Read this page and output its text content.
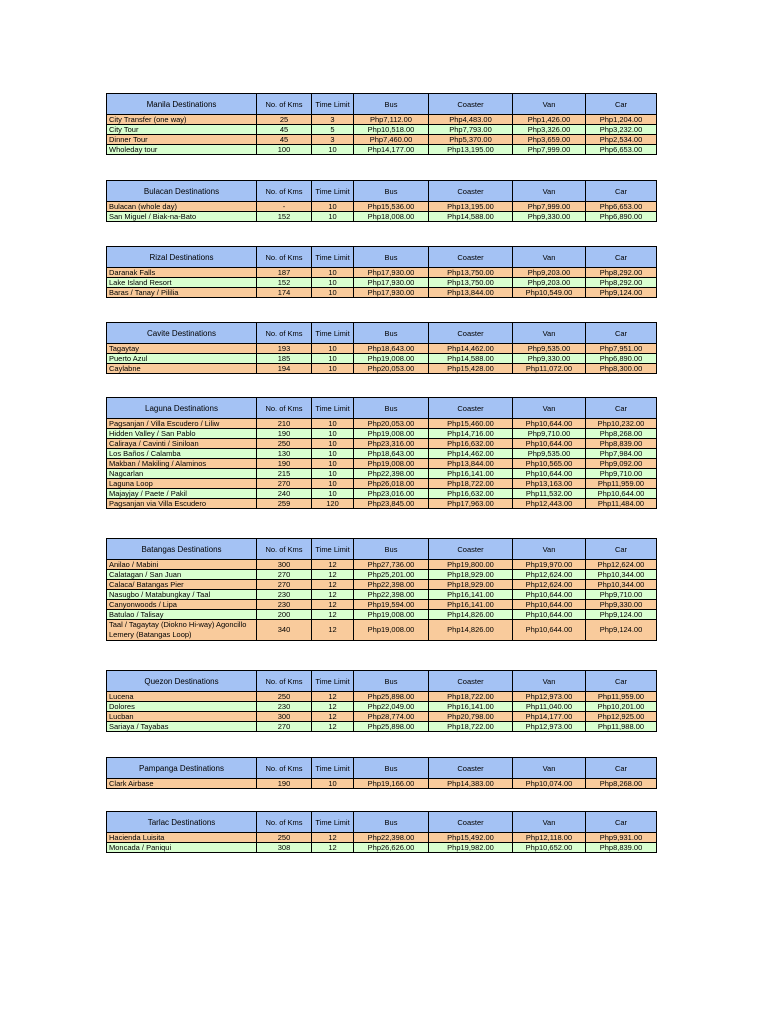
Manila Destinations	No. of Kms	Time Limit	Bus	Coaster	Van	Car
City Transfer (one way)	25	3	Php7,112.00	Php4,483.00	Php1,426.00	Php1,204.00
City Tour	45	5	Php10,518.00	Php7,793.00	Php3,326.00	Php3,232.00
Dinner Tour	45	3	Php7,460.00	Php5,370.00	Php3,659.00	Php2,534.00
Wholeday tour	100	10	Php14,177.00	Php13,195.00	Php7,999.00	Php6,653.00
Bulacan Destinations	No. of Kms	Time Limit	Bus	Coaster	Van	Car
Bulacan (whole day)	-	10	Php15,536.00	Php13,195.00	Php7,999.00	Php6,653.00
San Miguel / Biak-na-Bato	152	10	Php18,008.00	Php14,588.00	Php9,330.00	Php6,890.00
Rizal Destinations	No. of Kms	Time Limit	Bus	Coaster	Van	Car
Daranak Falls	187	10	Php17,930.00	Php13,750.00	Php9,203.00	Php8,292.00
Lake Island Resort	152	10	Php17,930.00	Php13,750.00	Php9,203.00	Php8,292.00
Baras / Tanay / Pililia	174	10	Php17,930.00	Php13,844.00	Php10,549.00	Php9,124.00
Cavite Destinations	No. of Kms	Time Limit	Bus	Coaster	Van	Car
Tagaytay	193	10	Php18,643.00	Php14,462.00	Php9,535.00	Php7,951.00
Puerto Azul	185	10	Php19,008.00	Php14,588.00	Php9,330.00	Php6,890.00
Caylabne	194	10	Php20,053.00	Php15,428.00	Php11,072.00	Php8,300.00
Laguna Destinations	No. of Kms	Time Limit	Bus	Coaster	Van	Car
Pagsanjan / Villa Escudero / Liliw	210	10	Php20,053.00	Php15,460.00	Php10,644.00	Php10,232.00
Hidden Valley / San Pablo	190	10	Php19,008.00	Php14,716.00	Php9,710.00	Php8,268.00
Caliraya / Cavinti / Siniloan	250	10	Php23,316.00	Php16,632.00	Php10,644.00	Php8,839.00
Los Baños / Calamba	130	10	Php18,643.00	Php14,462.00	Php9,535.00	Php7,984.00
Makban / Makiling / Alaminos	190	10	Php19,008.00	Php13,844.00	Php10,565.00	Php9,092.00
Nagcarlan	215	10	Php22,398.00	Php16,141.00	Php10,644.00	Php9,710.00
Laguna Loop	270	10	Php26,018.00	Php18,722.00	Php13,163.00	Php11,959.00
Majayjay / Paete / Pakil	240	10	Php23,016.00	Php16,632.00	Php11,532.00	Php10,644.00
Pagsanjan via Villa Escudero	259	120	Php23,845.00	Php17,963.00	Php12,443.00	Php11,484.00
Batangas Destinations	No. of Kms	Time Limit	Bus	Coaster	Van	Car
Anilao / Mabini	300	12	Php27,736.00	Php19,800.00	Php19,970.00	Php12,624.00
Calatagan / San Juan	270	12	Php25,201.00	Php18,929.00	Php12,624.00	Php10,344.00
Calaca/ Batangas Pier	270	12	Php22,398.00	Php18,929.00	Php12,624.00	Php10,344.00
Nasugbo / Matabungkay / Taal	230	12	Php22,398.00	Php16,141.00	Php10,644.00	Php9,710.00
Canyonwoods / Lipa	230	12	Php19,594.00	Php16,141.00	Php10,644.00	Php9,330.00
Batulao / Talisay	200	12	Php19,008.00	Php14,826.00	Php10,644.00	Php9,124.00
Taal / Tagaytay (Diokno Hi-way) Agoncillo Lemery (Batangas Loop)	340	12	Php19,008.00	Php14,826.00	Php10,644.00	Php9,124.00
Quezon Destinations	No. of Kms	Time Limit	Bus	Coaster	Van	Car
Lucena	250	12	Php25,898.00	Php18,722.00	Php12,973.00	Php11,959.00
Dolores	230	12	Php22,049.00	Php16,141.00	Php11,040.00	Php10,201.00
Lucban	300	12	Php28,774.00	Php20,798.00	Php14,177.00	Php12,925.00
Sariaya / Tayabas	270	12	Php25,898.00	Php18,722.00	Php12,973.00	Php11,988.00
Pampanga Destinations	No. of Kms	Time Limit	Bus	Coaster	Van	Car
Clark Airbase	190	10	Php19,166.00	Php14,383.00	Php10,074.00	Php8,268.00
Tarlac Destinations	No. of Kms	Time Limit	Bus	Coaster	Van	Car
Hacienda Luisita	250	12	Php22,398.00	Php15,492.00	Php12,118.00	Php9,931.00
Moncada / Paniqui	308	12	Php26,626.00	Php19,982.00	Php10,652.00	Php8,839.00
